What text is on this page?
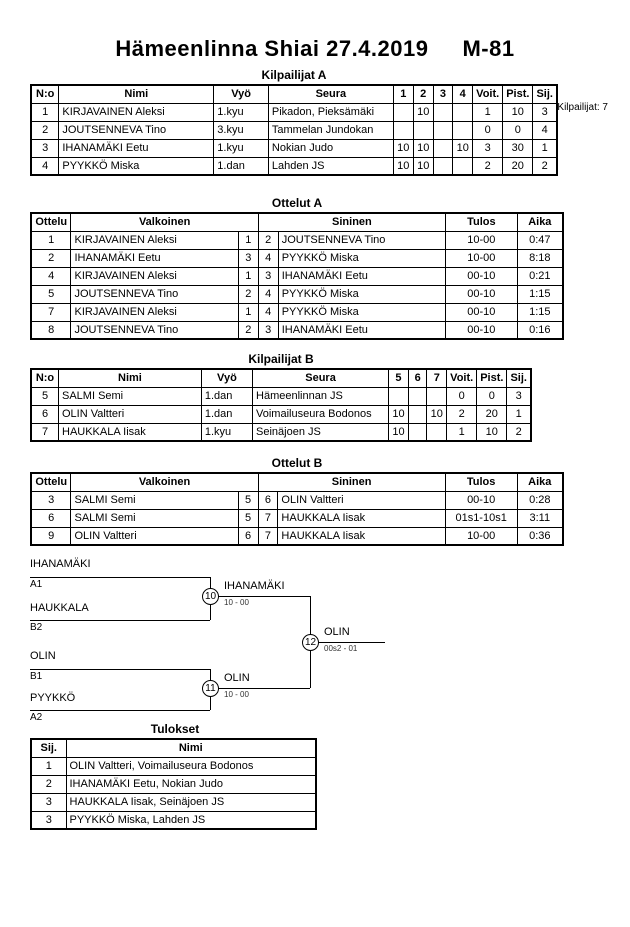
Hämeenlinna Shiai 27.4.2019 M-81
Kilpailijat: 7
Kilpailijat A
N:o	Nimi	Vyö	Seura	1	2	3	4	Voit.	Pist.	Sij.
1	KIRJAVAINEN Aleksi	1.kyu	Pikadon, Pieksämäki		10			1	10	3
2	JOUTSENNEVA Tino	3.kyu	Tammelan Jundokan					0	0	4
3	IHANAMÄKI Eetu	1.kyu	Nokian Judo	10	10		10	3	30	1
4	PYYKKÖ Miska	1.dan	Lahden JS	10	10			2	20	2
Ottelut A
Ottelu	Valkoinen		Sininen		Tulos	Aika
1	KIRJAVAINEN Aleksi	1	2	JOUTSENNEVA Tino	10-00	0:47
2	IHANAMÄKI Eetu	3	4	PYYKKÖ Miska	10-00	8:18
4	KIRJAVAINEN Aleksi	1	3	IHANAMÄKI Eetu	00-10	0:21
5	JOUTSENNEVA Tino	2	4	PYYKKÖ Miska	00-10	1:15
7	KIRJAVAINEN Aleksi	1	4	PYYKKÖ Miska	00-10	1:15
8	JOUTSENNEVA Tino	2	3	IHANAMÄKI Eetu	00-10	0:16
Kilpailijat B
N:o	Nimi	Vyö	Seura	5	6	7	Voit.	Pist.	Sij.
5	SALMI Semi	1.dan	Hämeenlinnan JS				0	0	3
6	OLIN Valtteri	1.dan	Voimailuseura Bodonos	10		10	2	20	1
7	HAUKKALA Iisak	1.kyu	Seinäjoen JS	10			1	10	2
Ottelut B
Ottelu	Valkoinen		Sininen		Tulos	Aika
3	SALMI Semi	5	6	OLIN Valtteri	00-10	0:28
6	SALMI Semi	5	7	HAUKKALA Iisak	01s1-10s1	3:11
9	OLIN Valtteri	6	7	HAUKKALA Iisak	10-00	0:36
IHANAMÄKI
A1
HAUKKALA
B2
IHANAMÄKI
10 - 00
10
OLIN
B1
PYYKKÖ
A2
OLIN
10 - 00
11
OLIN
00s2 - 01
12
Tulokset
Sij.	Nimi
1	OLIN Valtteri, Voimailuseura Bodonos
2	IHANAMÄKI Eetu, Nokian Judo
3	HAUKKALA Iisak, Seinäjoen JS
3	PYYKKÖ Miska, Lahden JS
